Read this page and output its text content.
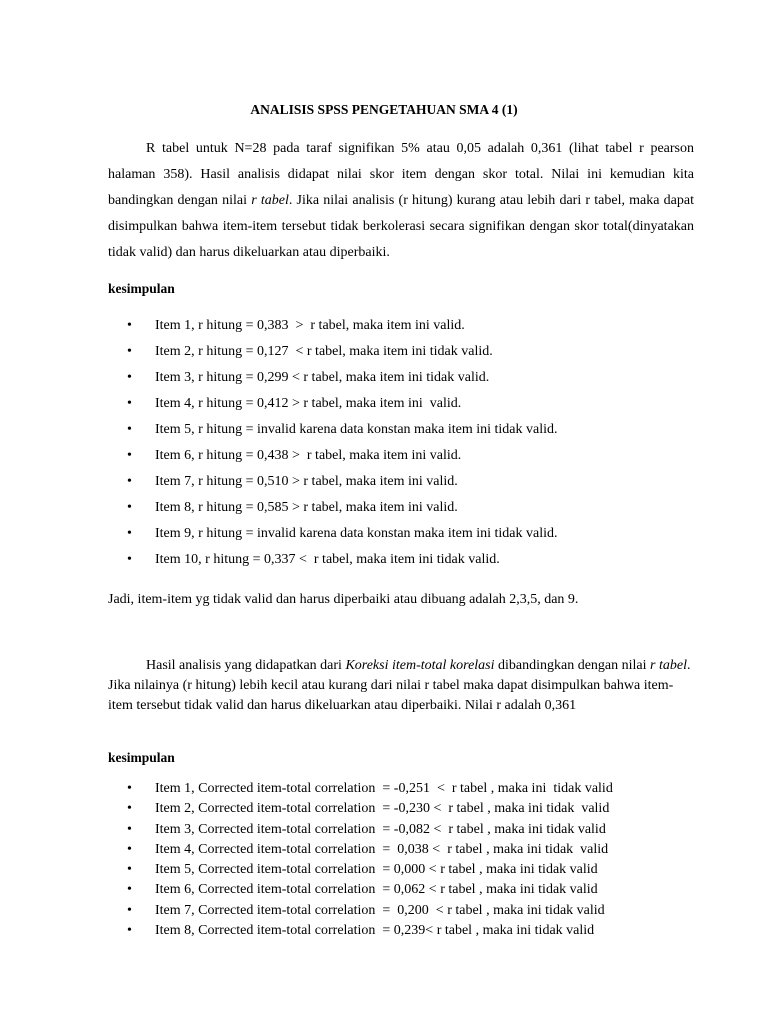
ANALISIS SPSS PENGETAHUAN SMA 4 (1)

R tabel untuk N=28 pada taraf signifikan 5% atau 0,05 adalah 0,361 (lihat tabel r pearson halaman 358). Hasil analisis didapat nilai skor item dengan skor total. Nilai ini kemudian kita bandingkan dengan nilai r tabel. Jika nilai analisis (r hitung) kurang atau lebih dari r tabel, maka dapat disimpulkan bahwa item-item tersebut tidak berkolerasi secara signifikan dengan skor total(dinyatakan tidak valid) dan harus dikeluarkan atau diperbaiki.

kesimpulan

• Item 1, r hitung = 0,383  >  r tabel, maka item ini valid.
• Item 2, r hitung = 0,127  < r tabel, maka item ini tidak valid.
• Item 3, r hitung = 0,299 < r tabel, maka item ini tidak valid.
• Item 4, r hitung = 0,412 > r tabel, maka item ini  valid.
• Item 5, r hitung = invalid karena data konstan maka item ini tidak valid.
• Item 6, r hitung = 0,438 >  r tabel, maka item ini valid.
• Item 7, r hitung = 0,510 > r tabel, maka item ini valid.
• Item 8, r hitung = 0,585 > r tabel, maka item ini valid.
• Item 9, r hitung = invalid karena data konstan maka item ini tidak valid.
• Item 10, r hitung = 0,337 <  r tabel, maka item ini tidak valid.

Jadi, item-item yg tidak valid dan harus diperbaiki atau dibuang adalah 2,3,5, dan 9.

Hasil analisis yang didapatkan dari Koreksi item-total korelasi dibandingkan dengan nilai r tabel. Jika nilainya (r hitung) lebih kecil atau kurang dari nilai r tabel maka dapat disimpulkan bahwa item-item tersebut tidak valid dan harus dikeluarkan atau diperbaiki. Nilai r adalah 0,361

kesimpulan

• Item 1, Corrected item-total correlation  = -0,251  <  r tabel , maka ini  tidak valid
• Item 2, Corrected item-total correlation  = -0,230 <  r tabel , maka ini tidak  valid
• Item 3, Corrected item-total correlation  = -0,082 <  r tabel , maka ini tidak valid
• Item 4, Corrected item-total correlation  =  0,038 <  r tabel , maka ini tidak  valid
• Item 5, Corrected item-total correlation  = 0,000 < r tabel , maka ini tidak valid
• Item 6, Corrected item-total correlation  = 0,062 < r tabel , maka ini tidak valid
• Item 7, Corrected item-total correlation  =  0,200  < r tabel , maka ini tidak valid
• Item 8, Corrected item-total correlation  = 0,239< r tabel , maka ini tidak valid
